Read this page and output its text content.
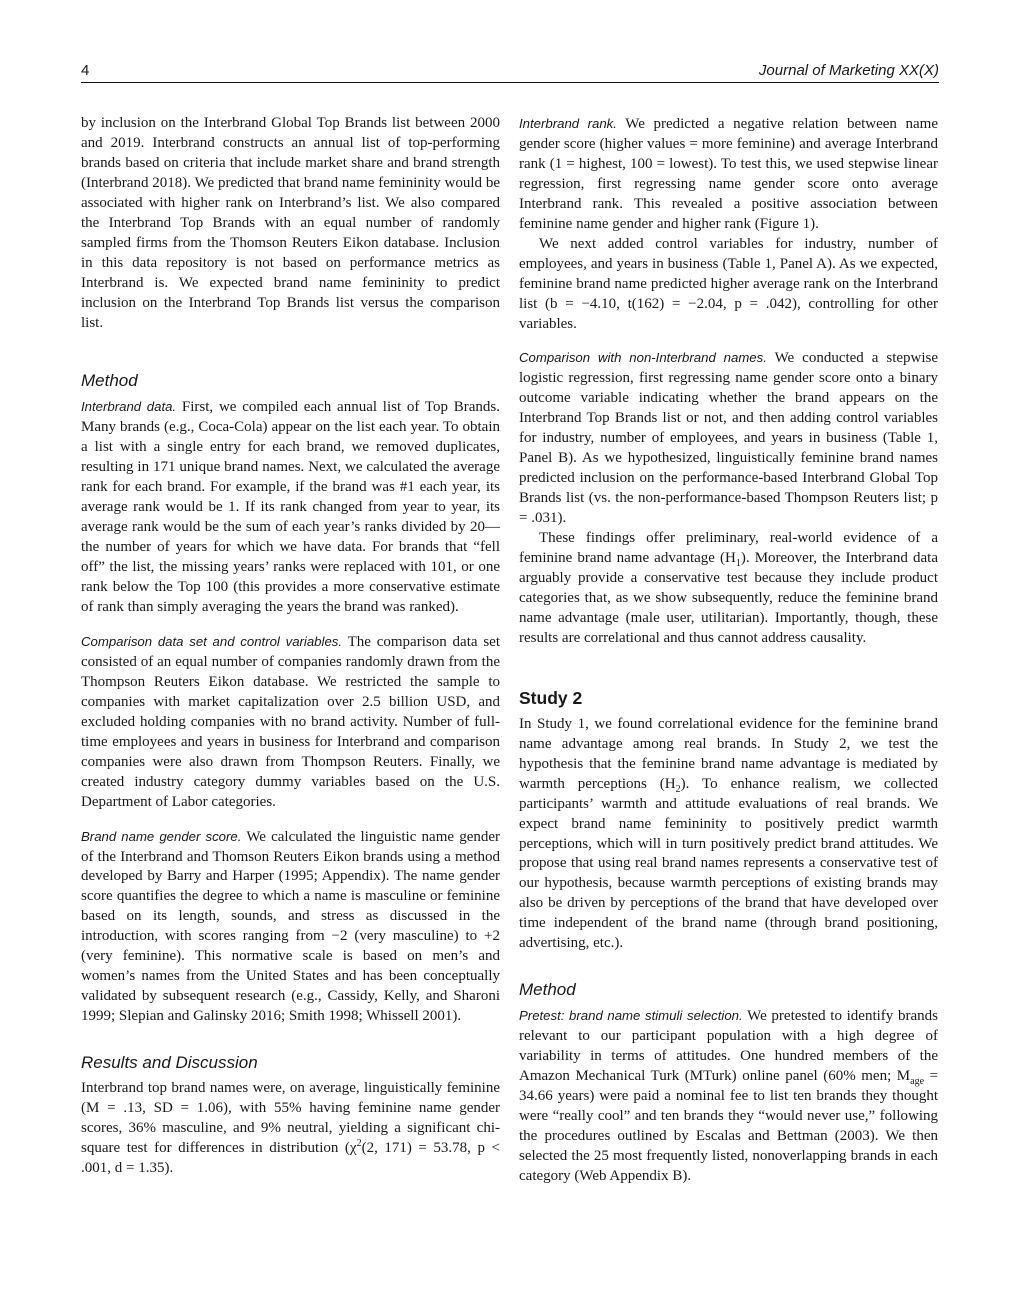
4	Journal of Marketing XX(X)

by inclusion on the Interbrand Global Top Brands list between 2000 and 2019. Interbrand constructs an annual list of top-performing brands based on criteria that include market share and brand strength (Interbrand 2018). We predicted that brand name femininity would be associated with higher rank on Interbrand’s list. We also compared the Interbrand Top Brands with an equal number of randomly sampled firms from the Thomson Reuters Eikon database. Inclusion in this data repository is not based on performance metrics as Interbrand is. We expected brand name femininity to predict inclusion on the Interbrand Top Brands list versus the comparison list.

Method

Interbrand data. First, we compiled each annual list of Top Brands. Many brands (e.g., Coca-Cola) appear on the list each year. To obtain a list with a single entry for each brand, we removed duplicates, resulting in 171 unique brand names. Next, we calculated the average rank for each brand. For example, if the brand was #1 each year, its average rank would be 1. If its rank changed from year to year, its average rank would be the sum of each year’s ranks divided by 20—the number of years for which we have data. For brands that “fell off” the list, the missing years’ ranks were replaced with 101, or one rank below the Top 100 (this provides a more conservative estimate of rank than simply averaging the years the brand was ranked).

Comparison data set and control variables. The comparison data set consisted of an equal number of companies randomly drawn from the Thompson Reuters Eikon database. We restricted the sample to companies with market capitalization over 2.5 billion USD, and excluded holding companies with no brand activity. Number of full-time employees and years in business for Interbrand and comparison companies were also drawn from Thompson Reuters. Finally, we created industry category dummy variables based on the U.S. Department of Labor categories.

Brand name gender score. We calculated the linguistic name gender of the Interbrand and Thomson Reuters Eikon brands using a method developed by Barry and Harper (1995; Appendix). The name gender score quantifies the degree to which a name is masculine or feminine based on its length, sounds, and stress as discussed in the introduction, with scores ranging from −2 (very masculine) to +2 (very feminine). This normative scale is based on men’s and women’s names from the United States and has been conceptually validated by subsequent research (e.g., Cassidy, Kelly, and Sharoni 1999; Slepian and Galinsky 2016; Smith 1998; Whissell 2001).

Results and Discussion

Interbrand top brand names were, on average, linguistically feminine (M = .13, SD = 1.06), with 55% having feminine name gender scores, 36% masculine, and 9% neutral, yielding a significant chi-square test for differences in distribution ($\chi^2(2$, 171) = 53.78, p < .001, d = 1.35).

Interbrand rank. We predicted a negative relation between name gender score (higher values = more feminine) and average Interbrand rank (1 = highest, 100 = lowest). To test this, we used stepwise linear regression, first regressing name gender score onto average Interbrand rank. This revealed a positive association between feminine name gender and higher rank (Figure 1).

We next added control variables for industry, number of employees, and years in business (Table 1, Panel A). As we expected, feminine brand name predicted higher average rank on the Interbrand list (b = −4.10, t(162) = −2.04, p = .042), controlling for other variables.

Comparison with non-Interbrand names. We conducted a stepwise logistic regression, first regressing name gender score onto a binary outcome variable indicating whether the brand appears on the Interbrand Top Brands list or not, and then adding control variables for industry, number of employees, and years in business (Table 1, Panel B). As we hypothesized, linguistically feminine brand names predicted inclusion on the performance-based Interbrand Global Top Brands list (vs. the non-performance-based Thompson Reuters list; p = .031).

These findings offer preliminary, real-world evidence of a feminine brand name advantage $(H_1)$. Moreover, the Interbrand data arguably provide a conservative test because they include product categories that, as we show subsequently, reduce the feminine brand name advantage (male user, utilitarian). Importantly, though, these results are correlational and thus cannot address causality.

Study 2

In Study 1, we found correlational evidence for the feminine brand name advantage among real brands. In Study 2, we test the hypothesis that the feminine brand name advantage is mediated by warmth perceptions $(H_2)$. To enhance realism, we collected participants’ warmth and attitude evaluations of real brands. We expect brand name femininity to positively predict warmth perceptions, which will in turn positively predict brand attitudes. We propose that using real brand names represents a conservative test of our hypothesis, because warmth perceptions of existing brands may also be driven by perceptions of the brand that have developed over time independent of the brand name (through brand positioning, advertising, etc.).

Method

Pretest: brand name stimuli selection. We pretested to identify brands relevant to our participant population with a high degree of variability in terms of attitudes. One hundred members of the Amazon Mechanical Turk (MTurk) online panel (60% men; $M_{age} = 34.66$ years) were paid a nominal fee to list ten brands they thought were “really cool” and ten brands they “would never use,” following the procedures outlined by Escalas and Bettman (2003). We then selected the 25 most frequently listed, nonoverlapping brands in each category (Web Appendix B).
